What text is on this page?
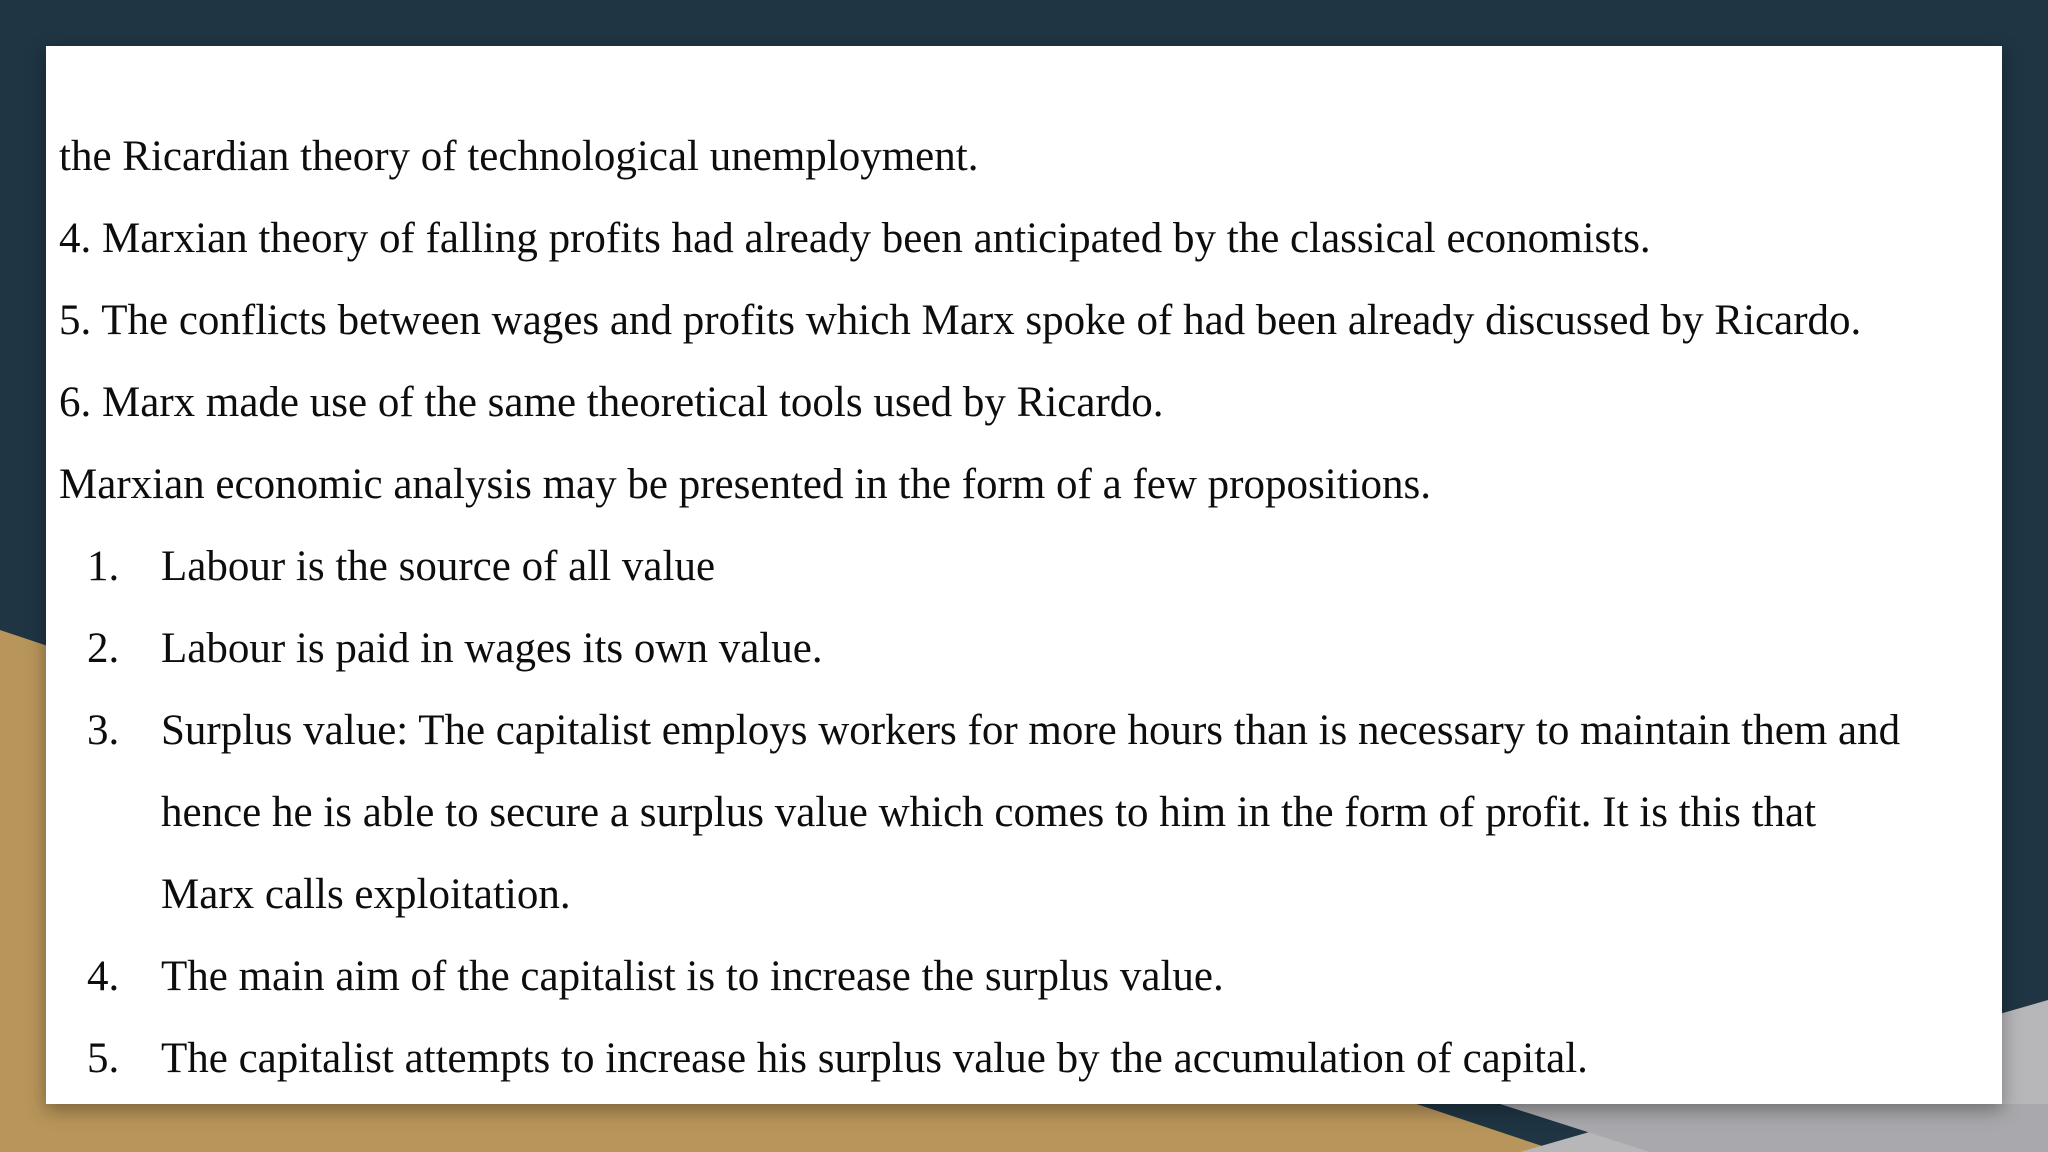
the Ricardian theory of technological unemployment.
4. Marxian theory of falling profits had already been anticipated by the classical economists.
5. The conflicts between wages and profits which Marx spoke of had been already discussed by Ricardo.
6. Marx made use of the same theoretical tools used by Ricardo.
Marxian economic analysis may be presented in the form of a few propositions.
1. Labour is the source of all value
2. Labour is paid in wages its own value.
3. Surplus value: The capitalist employs workers for more hours than is necessary to maintain them and
hence he is able to secure a surplus value which comes to him in the form of profit. It is this that
Marx calls exploitation.
4. The main aim of the capitalist is to increase the surplus value.
5. The capitalist attempts to increase his surplus value by the accumulation of capital.
